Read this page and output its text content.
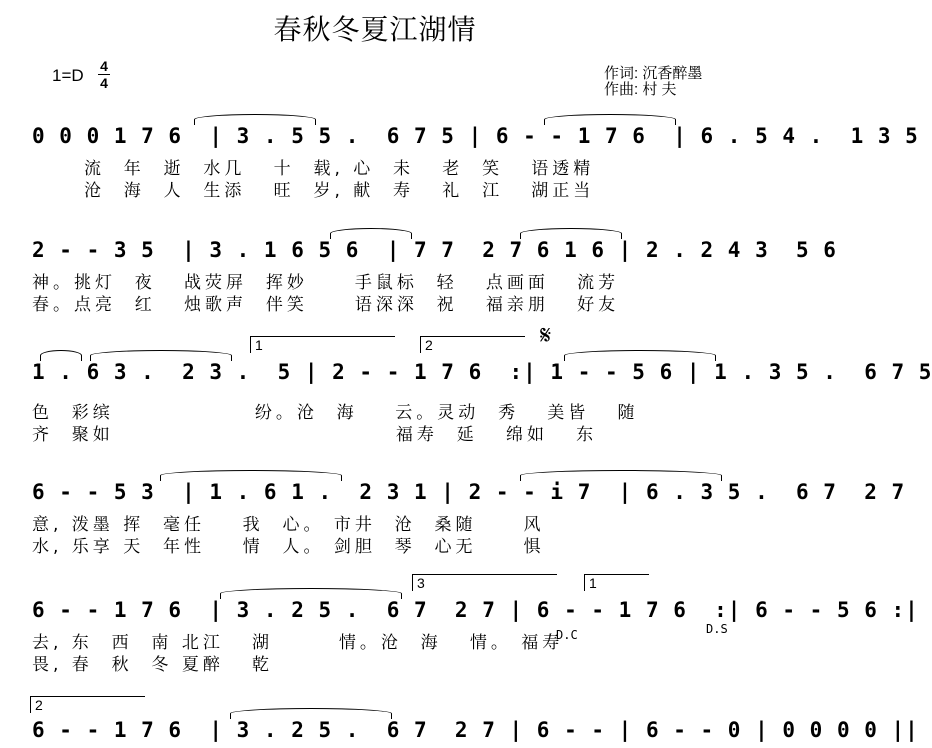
春秋冬夏江湖情
1=D 4
4
作词: 沉香醉墨
作曲: 村 夫
0 0 0 1 7 6  | 3 . 5 5 .  6 7 5 | 6 - - 1 7 6  | 6 . 5 4 .  1 3 5
流  年  逝  水几   十  载, 心  未   老  笑   语透精
沧  海  人  生添   旺  岁, 献  寿   礼  江   湖正当
2 - - 3 5  | 3 . 1 6 5 6  | 7 7  2 7 6 1 6 | 2 . 2 4 3  5 6
神。挑灯  夜   战荧屏  挥妙     手鼠标  轻   点画面   流芳
春。点亮  红   烛歌声  伴笑     语深深  祝   福亲朋   好友
1	2	𝄋
1 . 6 3 .  2 3 .  5 | 2 - - 1 7 6  :| 1 - - 5 6 | 1 . 3 5 .  6 7 5
色  彩缤               纷。沧  海    云。灵动  秀   美皆   随
齐  聚如                              福寿  延   绵如   东
6 - - 5 3  | 1 . 6 1 .  2 3 1 | 2 - - i 7  | 6 . 3 5 .  6 7  2 7
意, 泼墨 挥  毫任    我  心。 市井  沧  桑随     风
水, 乐享 天  年性    情  人。 剑胆  琴  心无     惧
3	1
6 - - 1 7 6  | 3 . 2 5 .  6 7  2 7 | 6 - - 1 7 6  :| 6 - - 5 6 :|
去, 东  西  南 北江   湖       情。沧  海   情。 福寿
畏, 春  秋  冬 夏醉   乾
D.C	D.S
2
6 - - 1 7 6  | 3 . 2 5 .  6 7  2 7 | 6 - - | 6 - - 0 | 0 0 0 0 ||
